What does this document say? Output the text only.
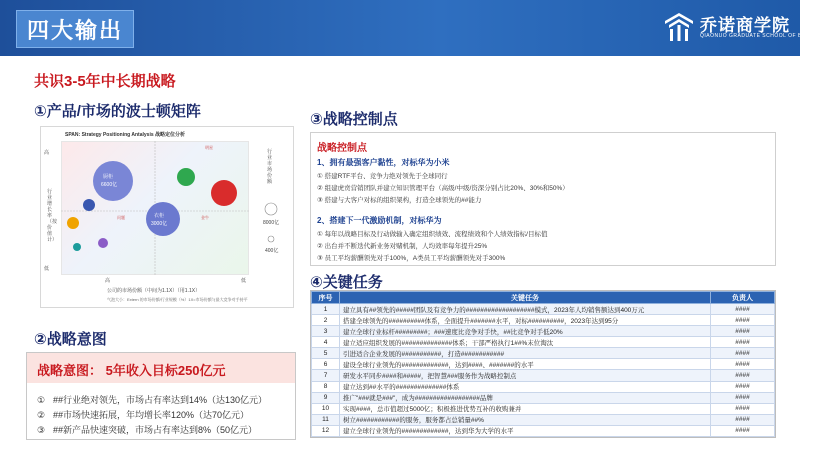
四大输出	乔诺商学院
QIAONUO GRADUATE SCHOOL OF BUSINESS
共识3-5年中长期战略
①产品/市场的波士顿矩阵
SPAN: Strategy Positioning Antalysis 战略定位分析
高
低
行业增长率（按价值计）
厨柜
6600亿
衣柜
3000亿
明星
金牛
问题
行业市场份额
8000亿
400亿
高	低
公司的市场份额（中间为1.1X）（用1.1X）
气泡大小：Extern 的市场份额/行业规模（%）1X=市场份额与最大竞争对手持平
②战略意图
战略意图： 5年收入目标250亿元
① ##行业绝对领先，市场占有率达到14%（达130亿元）
② ##市场快速拓展，年均增长率120%（达70亿元）
③ ##新产品快速突破，市场占有率达到8%（50亿元）
③战略控制点
战略控制点
1、拥有最强客户黏性，对标华为小米
① 搭建RTF平台、竞争力绝对领先于全球同行
② 组建虎贲营销团队并建立知识管理平台（高级/中级/资深分别占比20%、30%和50%）
③ 搭建与大客户对标的组织架构，打造全球领先的##能力
2、搭建下一代激励机制，对标华为
① 每年以战略目标及行动做输入确定组织绩效、流程绩效和个人绩效指标/目标值
② 出台并不断迭代新业务对赌机制，人均效率每年提升25%
③ 员工平均薪酬领先对手100%，A类员工平均薪酬领先对手300%
④关键任务
序号	关键任务	负责人
1	建立具有##领先的#####团队及有竞争力的###################模式，2023年人均销售额达到400万元	####
2	搭建全球领先的##########体系，全面提升#######水平，对标##########，2023年达到95分	####
3	建立全球行业标杆#########；###速度比竞争对手快，##比竞争对手低20%	####
4	建立适应组织发展的##############体系；干部严格执行1##%末位淘汰	####
5	引进适合企业发展的###########，打造############	####
6	建设全球行业领先的#############，达到####、#######的水平	####
7	研发水平同步####和#####，把智慧###服务作为战略控制点	####
8	建立达到##水平的##############体系	####
9	推广"###就是###"，成为##################品牌	####
10	实现####，总市值超过5000亿；积极推进优势互补的收购兼并	####
11	树立############的服务，服务都占总销量##%	####
12	建立全球行业领先的#############，达到华为大学的水平	####
